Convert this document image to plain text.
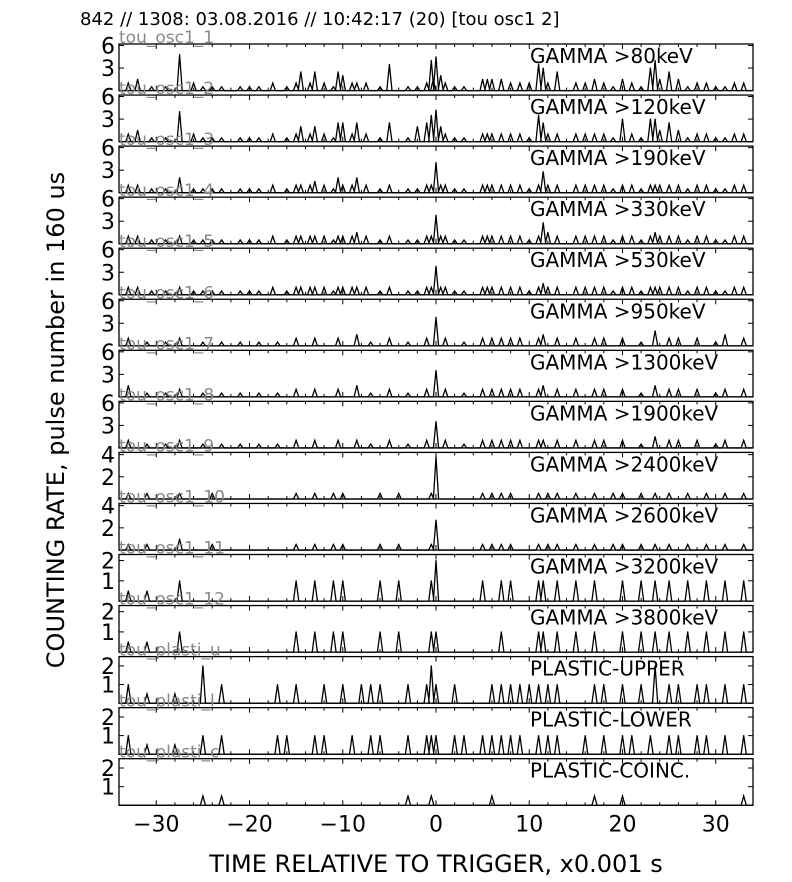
842 // 1308: 03.08.2016 // 10:42:17 (20) [tou osc1 2]
3
6	GAMMA >80keV
tou_osc1_1
3
6	GAMMA >120keV
tou_osc1_2
3
6	GAMMA >190keV
tou_osc1_3
3
6	GAMMA >330keV
tou_osc1_4
3
6	GAMMA >530keV
tou_osc1_5
3
6	GAMMA >950keV
tou_osc1_6
3
6	GAMMA >1300keV
tou_osc1_7
3
6	GAMMA >1900keV
tou_osc1_8
2
4	GAMMA >2400keV
tou_osc1_9
2
4	GAMMA >2600keV
tou_osc1_10
1
2	GAMMA >3200keV
tou_osc1_11
1
2	GAMMA >3800keV
tou_osc1_12
1
2	PLASTIC-UPPER
tou_plasti_u
1
2	PLASTIC-LOWER
tou_plasti_l
1
2	PLASTIC-COINC.
tou_plasti_c
−30 −20 −10	0	10	20	30
TIME RELATIVE TO TRIGGER, x0.001 s
COUNTING RATE, pulse number in 160 us
